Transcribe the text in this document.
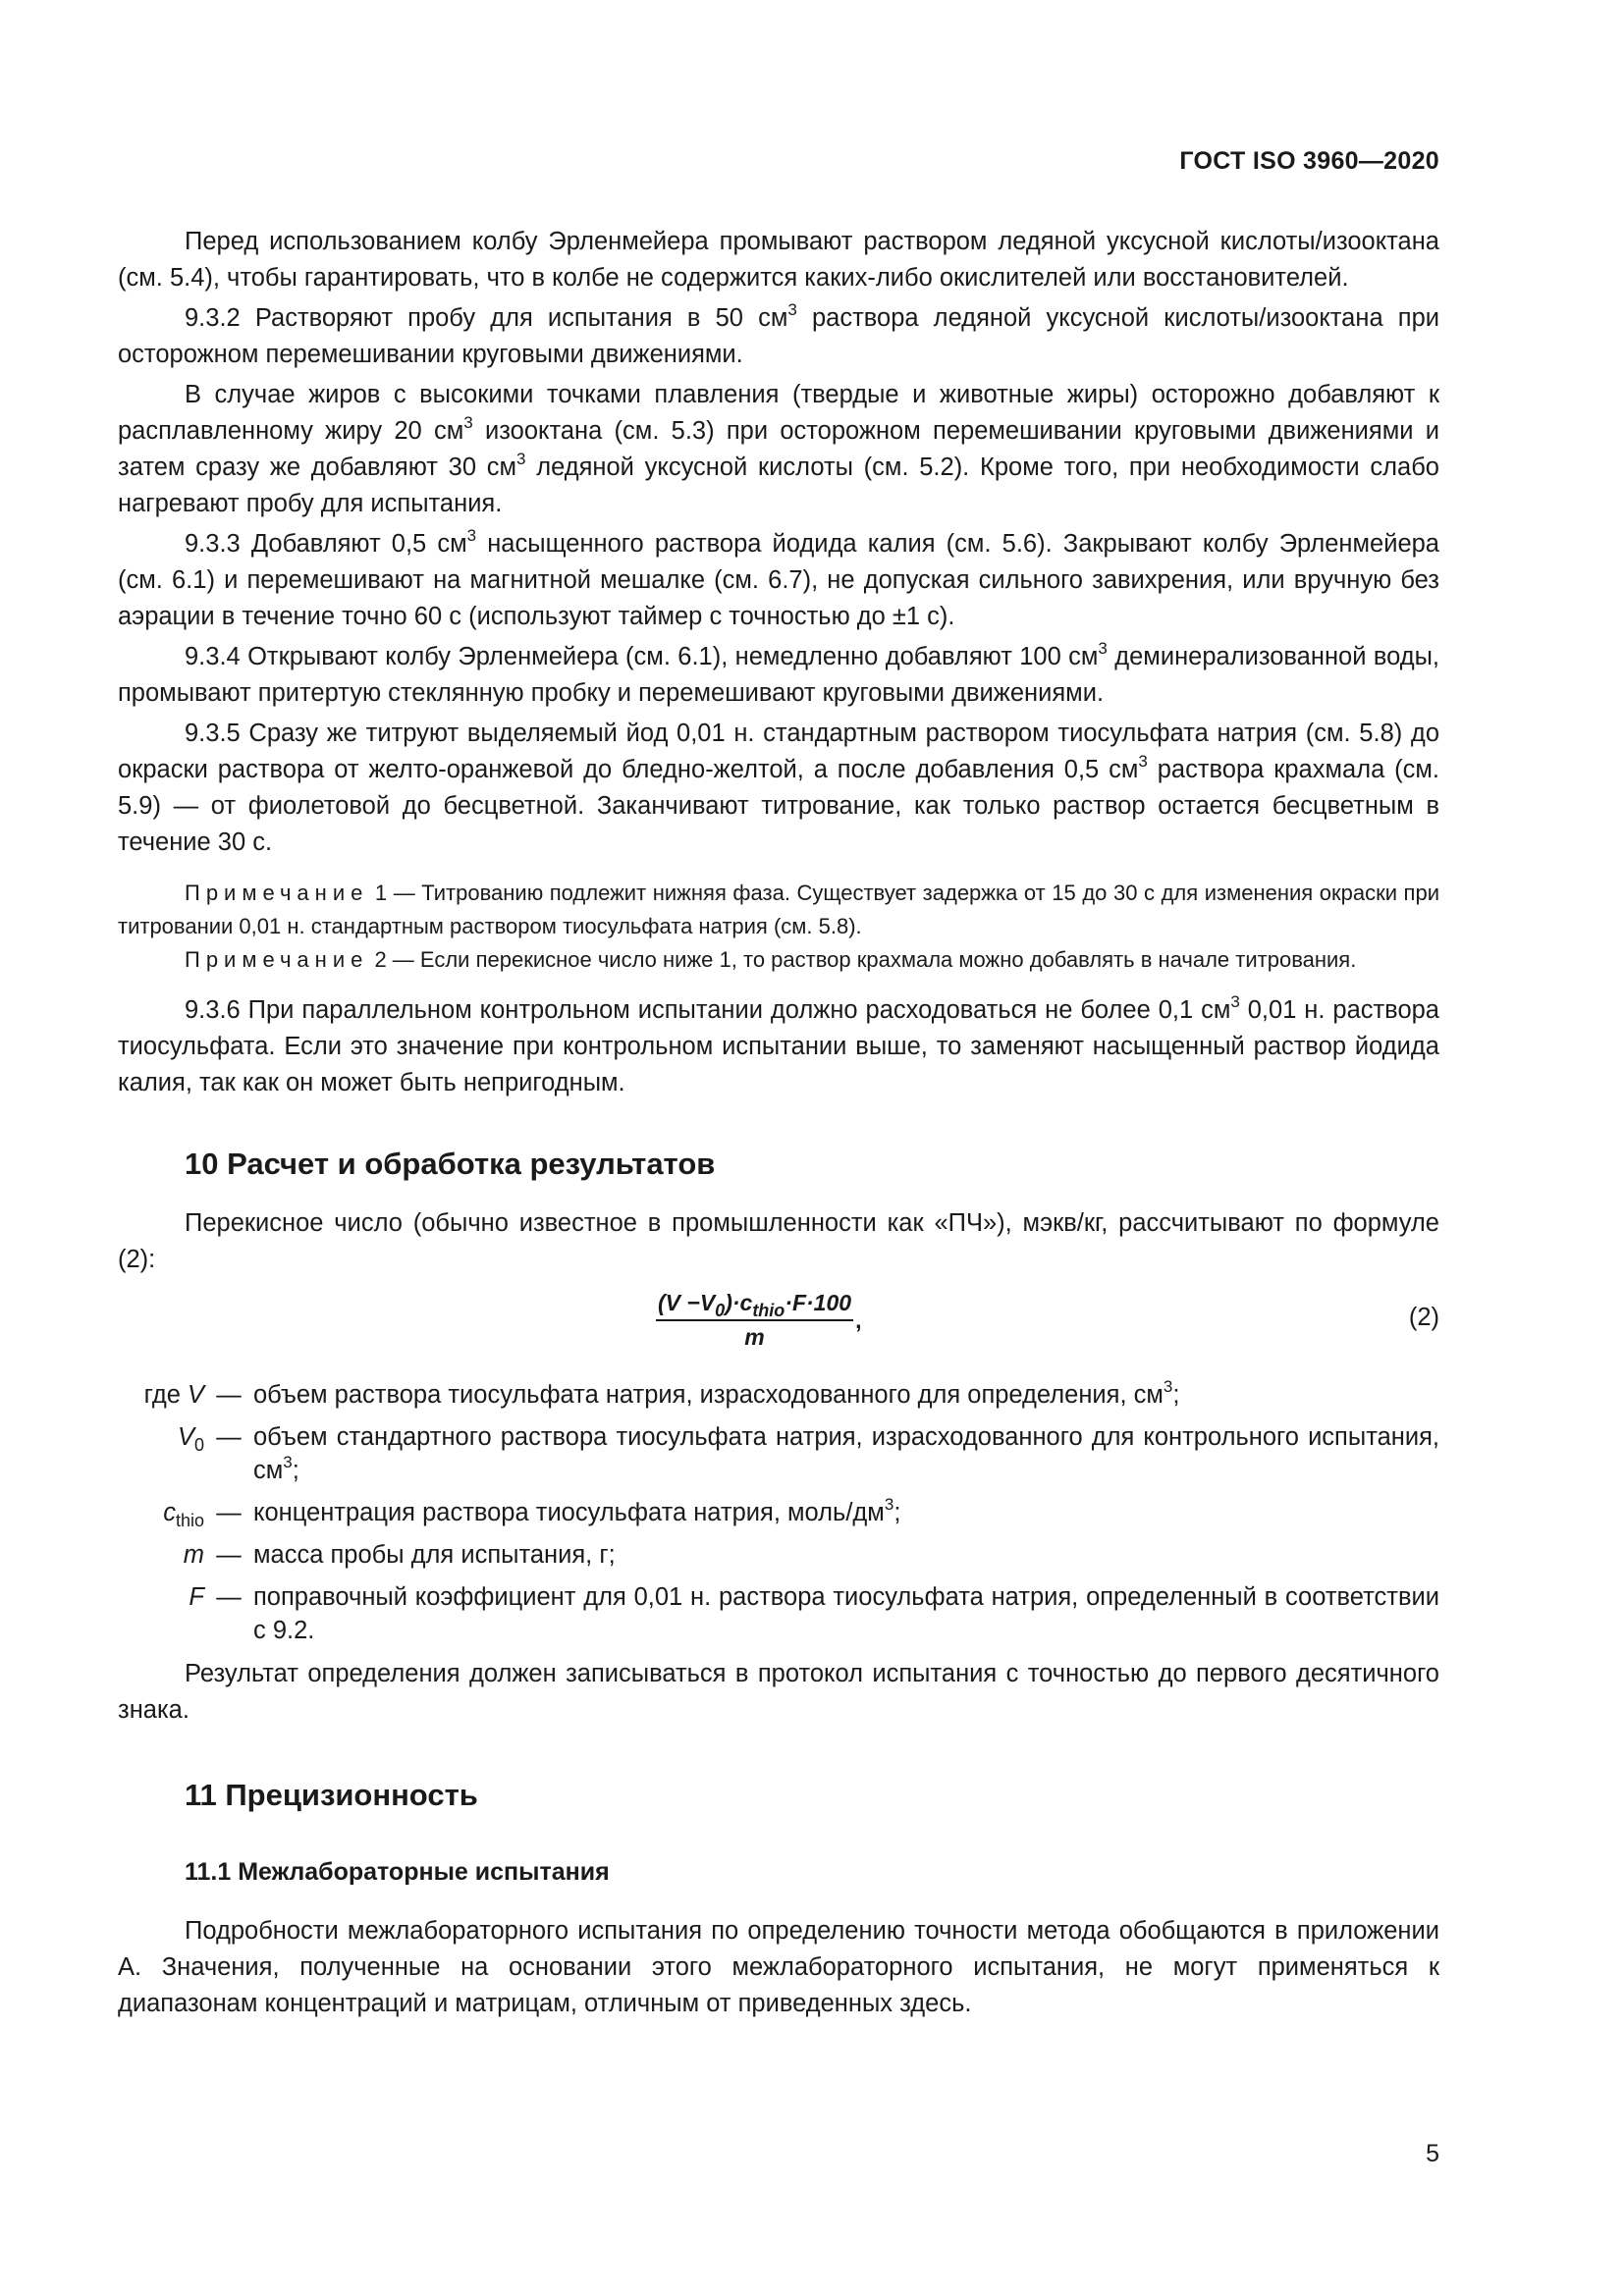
ГОСТ ISO 3960—2020

Перед использованием колбу Эрленмейера промывают раствором ледяной уксусной кислоты/изооктана (см. 5.4), чтобы гарантировать, что в колбе не содержится каких-либо окислителей или восстановителей.

9.3.2 Растворяют пробу для испытания в 50 $см^3$ раствора ледяной уксусной кислоты/изооктана при осторожном перемешивании круговыми движениями.

В случае жиров с высокими точками плавления (твердые и животные жиры) осторожно добавляют к расплавленному жиру 20 $см^3$ изооктана (см. 5.3) при осторожном перемешивании круговыми движениями и затем сразу же добавляют 30 $см^3$ ледяной уксусной кислоты (см. 5.2). Кроме того, при необходимости слабо нагревают пробу для испытания.

9.3.3 Добавляют 0,5 $см^3$ насыщенного раствора йодида калия (см. 5.6). Закрывают колбу Эрленмейера (см. 6.1) и перемешивают на магнитной мешалке (см. 6.7), не допуская сильного завихрения, или вручную без аэрации в течение точно 60 с (используют таймер с точностью до ±1 с).

9.3.4 Открывают колбу Эрленмейера (см. 6.1), немедленно добавляют 100 $см^3$ деминерализованной воды, промывают притертую стеклянную пробку и перемешивают круговыми движениями.

9.3.5 Сразу же титруют выделяемый йод 0,01 н. стандартным раствором тиосульфата натрия (см. 5.8) до окраски раствора от желто-оранжевой до бледно-желтой, а после добавления 0,5 $см^3$ раствора крахмала (см. 5.9) — от фиолетовой до бесцветной. Заканчивают титрование, как только раствор остается бесцветным в течение 30 с.

Примечание 1 — Титрованию подлежит нижняя фаза. Существует задержка от 15 до 30 с для изменения окраски при титровании 0,01 н. стандартным раствором тиосульфата натрия (см. 5.8).

Примечание 2 — Если перекисное число ниже 1, то раствор крахмала можно добавлять в начале титрования.

9.3.6 При параллельном контрольном испытании должно расходоваться не более 0,1 $см^3$ 0,01 н. раствора тиосульфата. Если это значение при контрольном испытании выше, то заменяют насыщенный раствор йодида калия, так как он может быть непригодным.

10 Расчет и обработка результатов

Перекисное число (обычно известное в промышленности как «ПЧ»), мэкв/кг, рассчитывают по формуле (2):

$\frac{(V -V_0)\cdot c_{thio}\cdot F\cdot 100}{m}$ ,	(2)
где V — объем раствора тиосульфата натрия, израсходованного для определения, $см^3$;
$V_0$ — объем стандартного раствора тиосульфата натрия, израсходованного для контрольного испытания, $см^3$;
$c_{thio}$ — концентрация раствора тиосульфата натрия, моль/$дм^3$;
m — масса пробы для испытания, г;
F — поправочный коэффициент для 0,01 н. раствора тиосульфата натрия, определенный в соответствии с 9.2.

Результат определения должен записываться в протокол испытания с точностью до первого десятичного знака.

11 Прецизионность
11.1 Межлабораторные испытания

Подробности межлабораторного испытания по определению точности метода обобщаются в приложении А. Значения, полученные на основании этого межлабораторного испытания, не могут применяться к диапазонам концентраций и матрицам, отличным от приведенных здесь.

5
